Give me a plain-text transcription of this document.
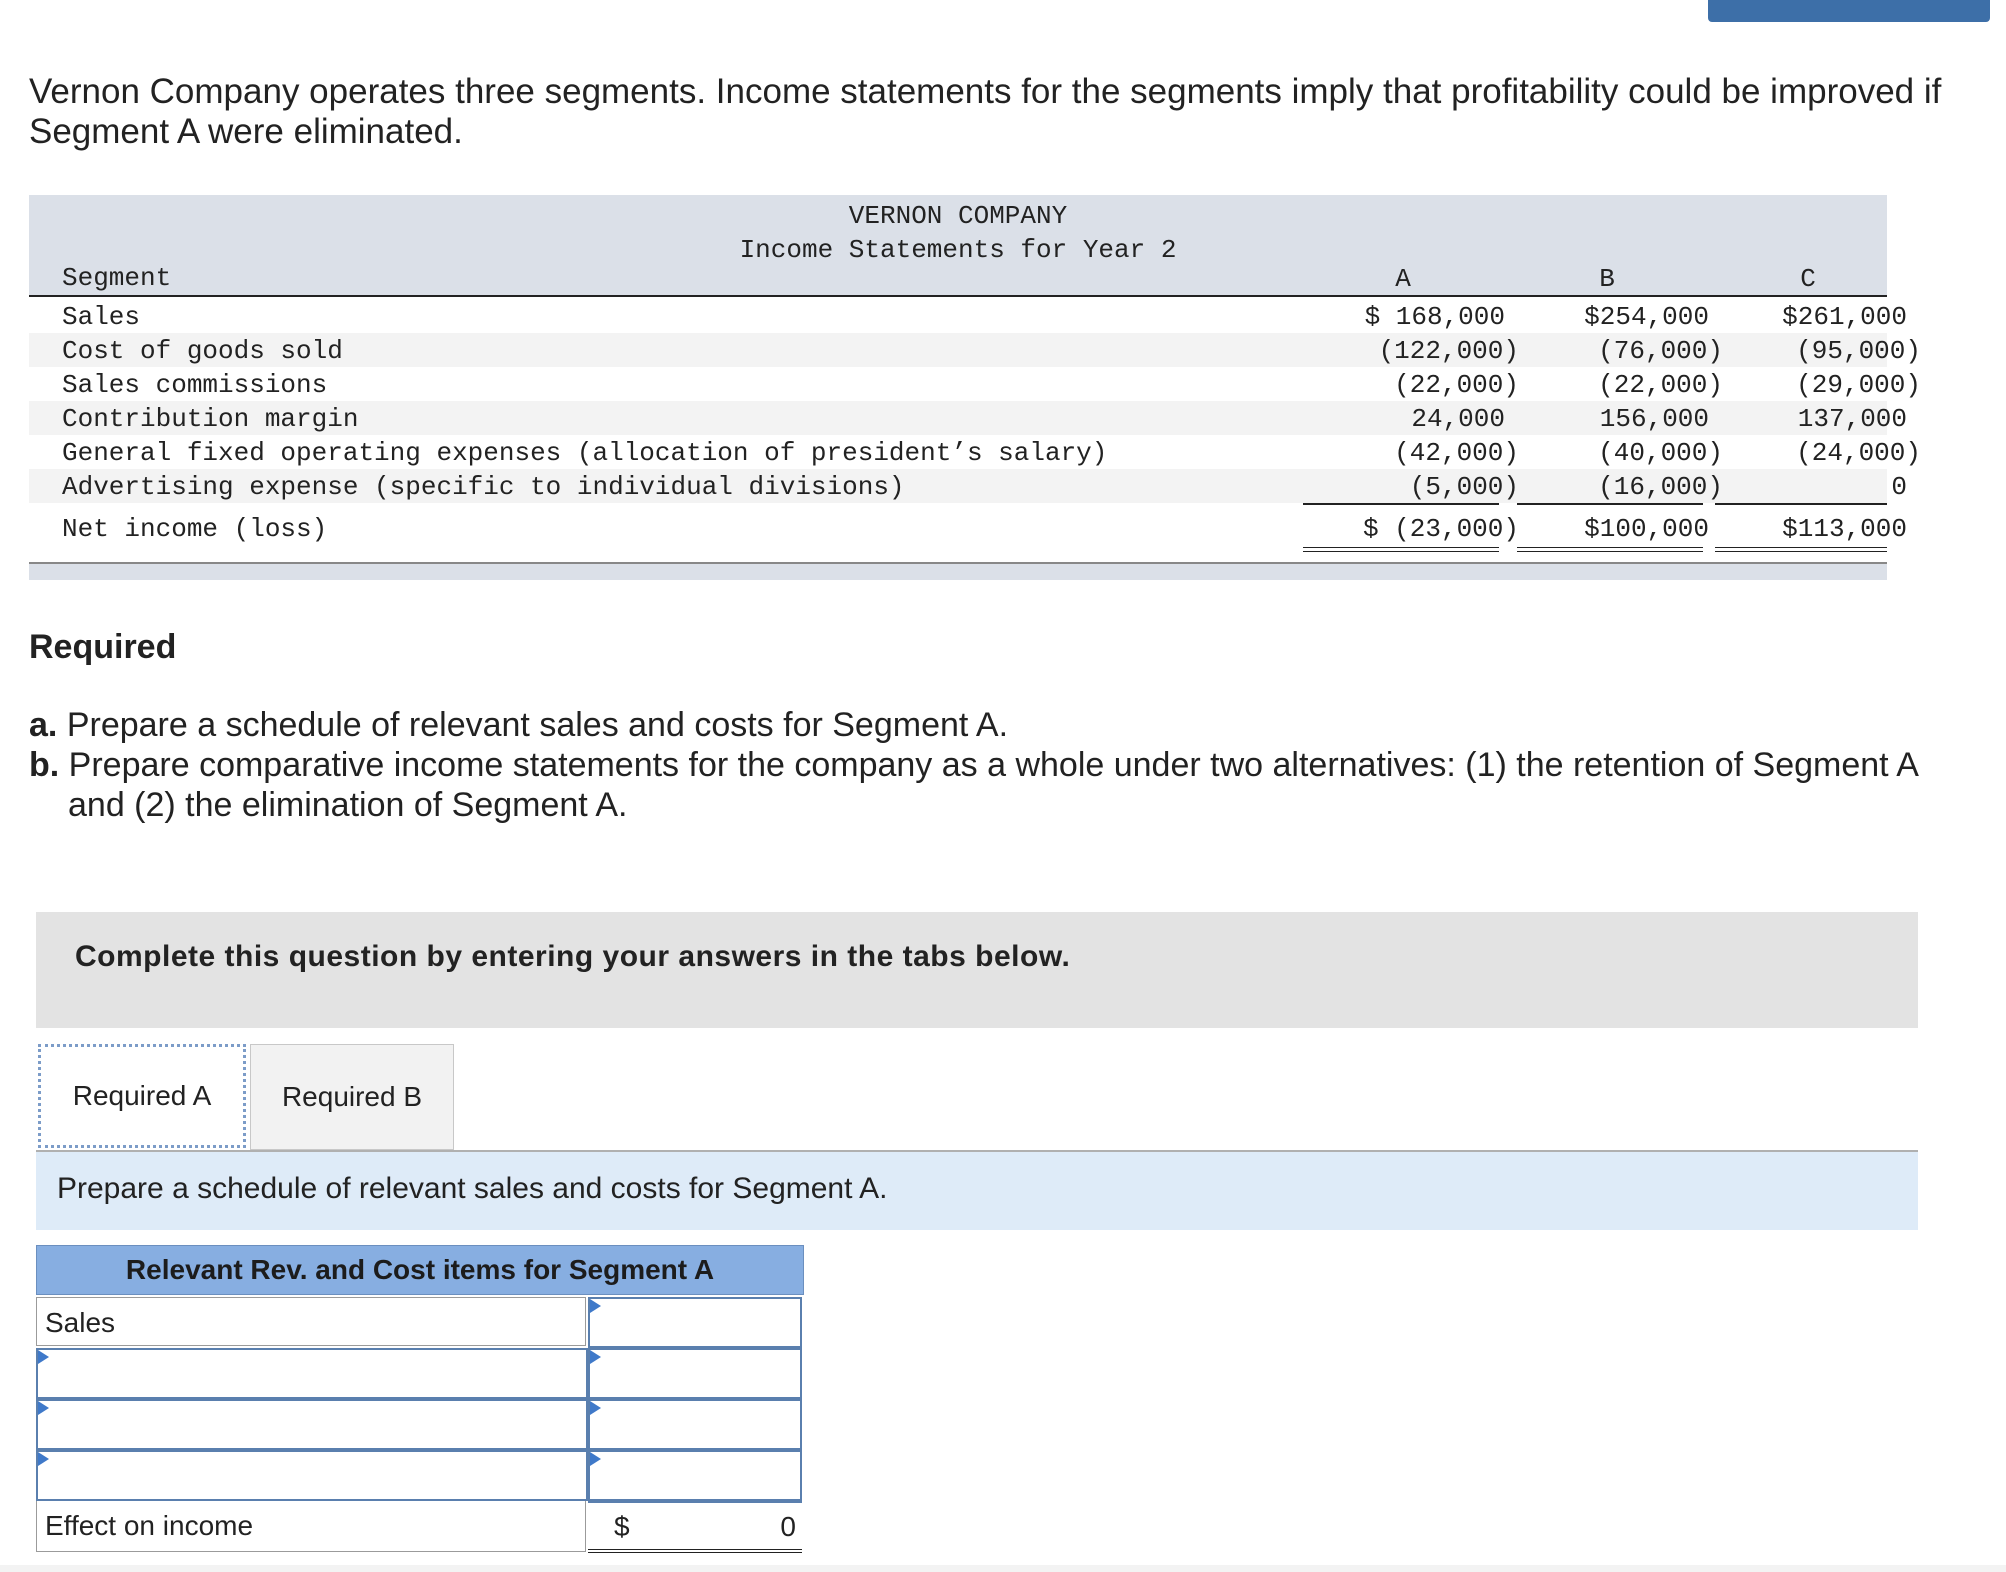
Vernon Company operates three segments. Income statements for the segments imply that profitability could be improved if Segment A were eliminated.
VERNON COMPANY
Income Statements for Year 2
Segment	A	B	C
Sales	$ 168,000	$254,000	$261,000
Cost of goods sold	(122,000)	(76,000)	(95,000)
Sales commissions	(22,000)	(22,000)	(29,000)
Contribution margin	24,000	156,000	137,000
General fixed operating expenses (allocation of president’s salary)	(42,000)	(40,000)	(24,000)
Advertising expense (specific to individual divisions)	(5,000)	(16,000)	0
Net income (loss)	$ (23,000)	$100,000	$113,000
Required
a. Prepare a schedule of relevant sales and costs for Segment A.
b. Prepare comparative income statements for the company as a whole under two alternatives: (1) the retention of Segment A and (2) the elimination of Segment A.
Complete this question by entering your answers in the tabs below.
Required A	Required B
Prepare a schedule of relevant sales and costs for Segment A.
Relevant Rev. and Cost items for Segment A
Sales
Effect on income	$	0
